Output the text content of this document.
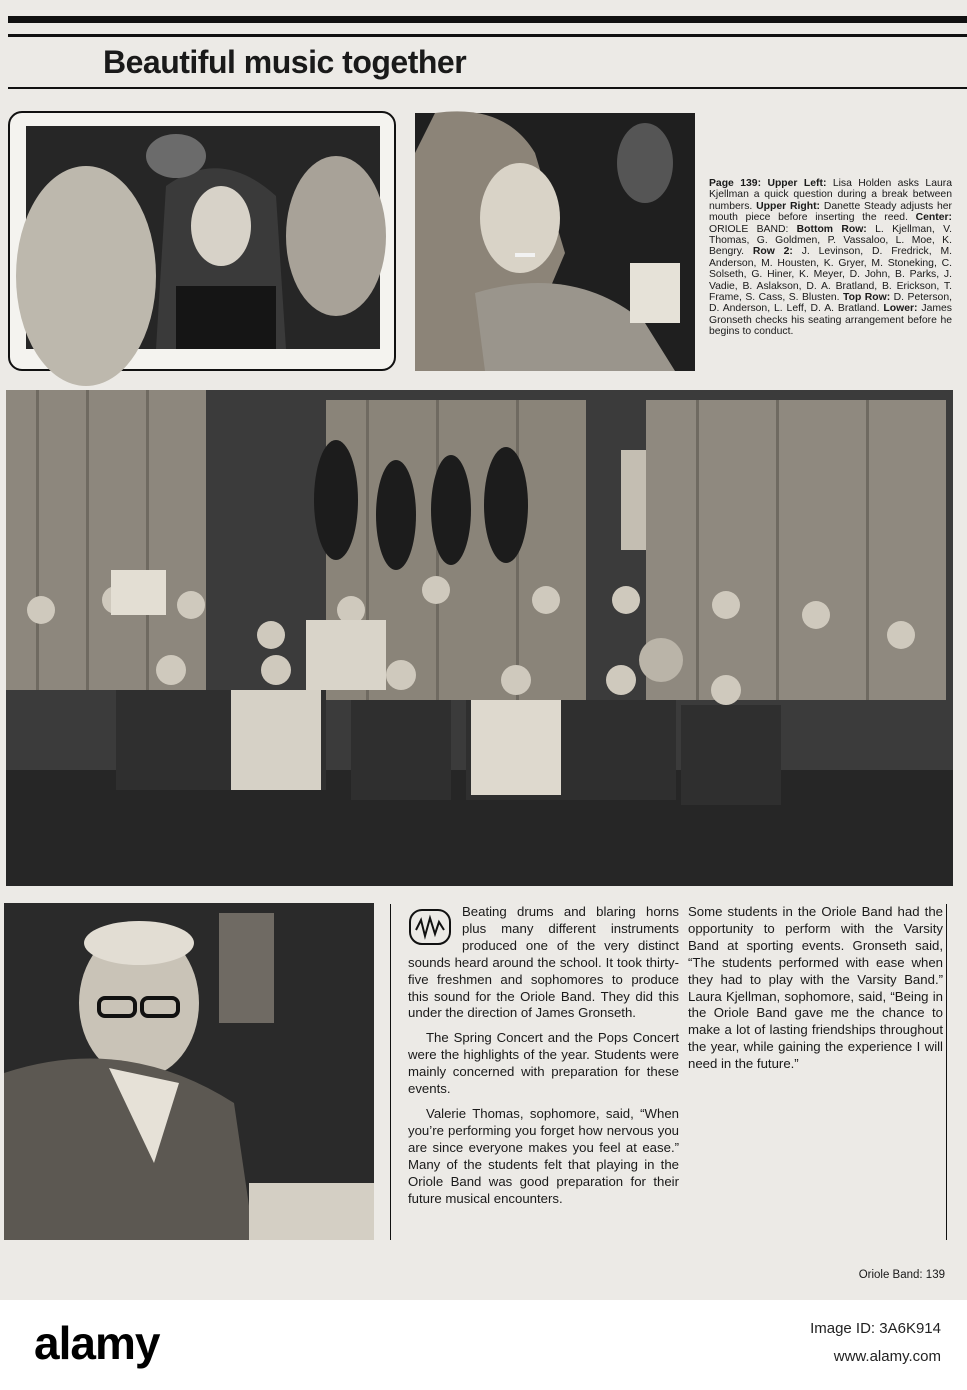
Beautiful music together

Page 139: Upper Left: Lisa Holden asks Laura Kjellman a quick question during a break between numbers. Upper Right: Danette Steady adjusts her mouth piece before inserting the reed. Center: ORIOLE BAND: Bottom Row: L. Kjellman, V. Thomas, G. Goldmen, P. Vassaloo, L. Moe, K. Bengry. Row 2: J. Levinson, D. Fredrick, M. Anderson, M. Housten, K. Gryer, M. Stoneking, C. Solseth, G. Hiner, K. Meyer, D. John, B. Parks, J. Vadie, B. Aslakson, D. A. Bratland, B. Erickson, T. Frame, S. Cass, S. Blusten. Top Row: D. Peterson, D. Anderson, L. Leff, D. A. Bratland. Lower: James Gronseth checks his seating arrangement before he begins to conduct.

Beating drums and blaring horns plus many different instruments produced one of the very distinct sounds heard around the school. It took thirty-five freshmen and sophomores to produce this sound for the Oriole Band. They did this under the direction of James Gronseth.

The Spring Concert and the Pops Concert were the highlights of the year. Students were mainly concerned with preparation for these events.

Valerie Thomas, sophomore, said, “When you’re performing you forget how nervous you are since everyone makes you feel at ease.” Many of the students felt that playing in the Oriole Band was good preparation for their future musical encounters.

Some students in the Oriole Band had the opportunity to perform with the Varsity Band at sporting events. Gronseth said, “The students performed with ease when they had to play with the Varsity Band.” Laura Kjellman, sophomore, said, “Being in the Oriole Band gave me the chance to make a lot of lasting friendships throughout the year, while gaining the experience I will need in the future.”

Oriole Band: 139

alamy	Image ID: 3A6K914

www.alamy.com
